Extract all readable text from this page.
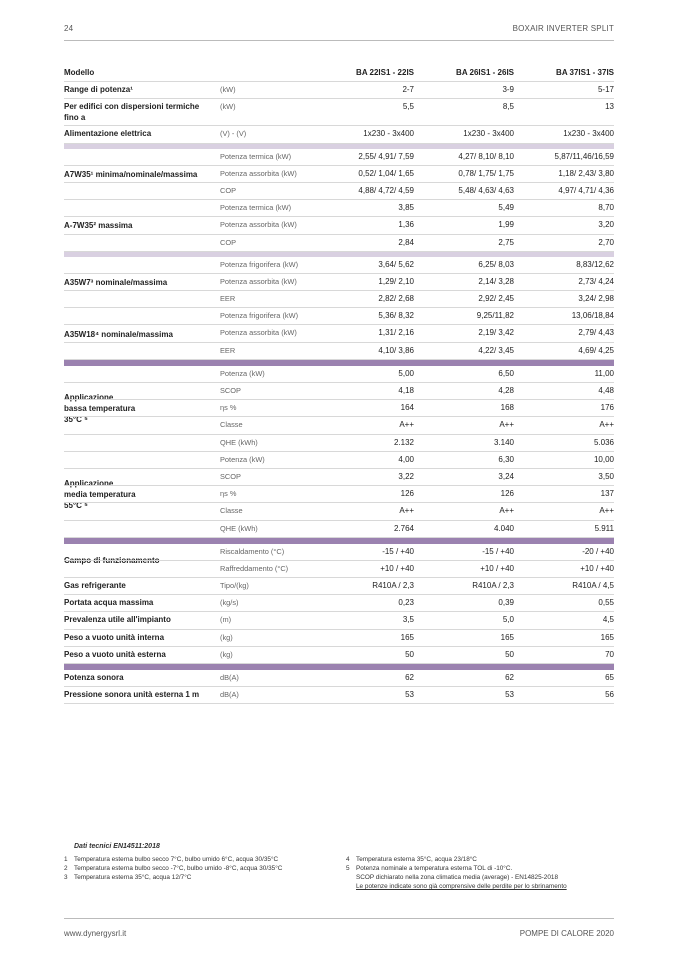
24	BOXAIR INVERTER SPLIT
Modello	BA 22IS1 - 22IS	BA 26IS1 - 26IS	BA 37IS1 - 37IS
Range di potenza¹	(kW)	2-7	3-9	5-17
Per edifici con dispersioni termiche fino a
(kW)	5,5	8,5	13
Alimentazione elettrica	(V) - (V)	1x230 - 3x400	1x230 - 3x400	1x230 - 3x400
A7W35¹ minima/nominale/massima
Potenza termica (kW)	2,55/ 4,91/ 7,59	4,27/ 8,10/ 8,10	5,87/11,46/16,59
Potenza assorbita (kW)	0,52/ 1,04/ 1,65	0,78/ 1,75/ 1,75	1,18/ 2,43/ 3,80
COP	4,88/ 4,72/ 4,59	5,48/ 4,63/ 4,63	4,97/ 4,71/ 4,36
A-7W35² massima
Potenza termica (kW)	3,85	5,49	8,70
Potenza assorbita (kW)	1,36	1,99	3,20
COP	2,84	2,75	2,70
A35W7³ nominale/massima
Potenza frigorifera (kW)	3,64/ 5,62	6,25/ 8,03	8,83/12,62
Potenza assorbita (kW)	1,29/ 2,10	2,14/ 3,28	2,73/ 4,24
EER	2,82/ 2,68	2,92/ 2,45	3,24/ 2,98
A35W18⁴ nominale/massima
Potenza frigorifera (kW)	5,36/ 8,32	9,25/11,82	13,06/18,84
Potenza assorbita (kW)	1,31/ 2,16	2,19/ 3,42	2,79/ 4,43
EER	4,10/ 3,86	4,22/ 3,45	4,69/ 4,25
Applicazione
bassa temperatura
35°C ⁵
Potenza (kW)	5,00	6,50	11,00
SCOP	4,18	4,28	4,48
ηs %	164	168	176
Classe	A++	A++	A++
QHE (kWh)	2.132	3.140	5.036
Applicazione
media temperatura
55°C ⁵
Potenza (kW)	4,00	6,30	10,00
SCOP	3,22	3,24	3,50
ηs %	126	126	137
Classe	A++	A++	A++
QHE (kWh)	2.764	4.040	5.911
Campo di funzionamento
Riscaldamento (°C)	-15 / +40	-15 / +40	-20 / +40
Raffreddamento (°C)	+10 / +40	+10 / +40	+10 / +40
Gas refrigerante	Tipo/(kg)	R410A / 2,3	R410A / 2,3	R410A / 4,5
Portata acqua massima	(kg/s)	0,23	0,39	0,55
Prevalenza utile all'impianto	(m)	3,5	5,0	4,5
Peso a vuoto unità interna	(kg)	165	165	165
Peso a vuoto unità esterna	(kg)	50	50	70
Potenza sonora	dB(A)	62	62	65
Pressione sonora unità esterna 1 m	dB(A)	53	53	56
Dati tecnici EN14511:2018
1 Temperatura esterna bulbo secco 7°C, bulbo umido 6°C, acqua 30/35°C
2 Temperatura esterna bulbo secco -7°C, bulbo umido -8°C, acqua 30/35°C
3 Temperatura esterna 35°C, acqua 12/7°C
4 Temperatura esterna 35°C, acqua 23/18°C
5 Potenza nominale a temperatura esterna TOL di -10°C.
SCOP dichiarato nella zona climatica media (average) - EN14825-2018
Le potenze indicate sono già comprensive delle perdite per lo sbrinamento
www.dynergysrl.it	POMPE DI CALORE 2020
